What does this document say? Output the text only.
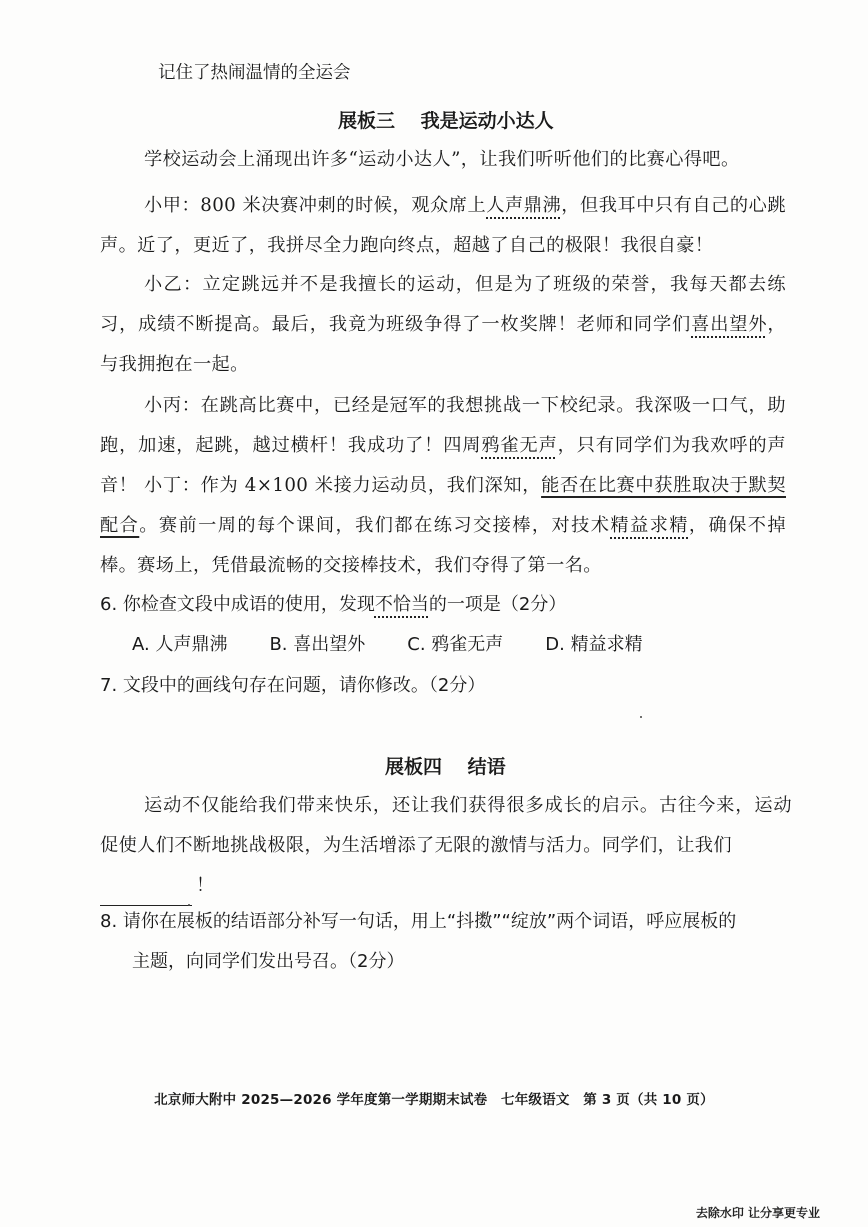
记住了热闹温情的全运会
展板三　 我是运动小达人
学校运动会上涌现出许多“运动小达人”，让我们听听他们的比赛心得吧。
小甲：800 米决赛冲刺的时候，观众席上人声鼎沸，但我耳中只有自己的心跳声。近了，更近了，我拼尽全力跑向终点，超越了自己的极限！我很自豪！
小乙：立定跳远并不是我擅长的运动，但是为了班级的荣誉，我每天都去练习，成绩不断提高。最后，我竟为班级争得了一枚奖牌！老师和同学们喜出望外，与我拥抱在一起。
小丙：在跳高比赛中，已经是冠军的我想挑战一下校纪录。我深吸一口气，助跑，加速，起跳，越过横杆！我成功了！四周鸦雀无声，只有同学们为我欢呼的声音！ 小丁：作为 4×100 米接力运动员，我们深知，能否在比赛中获胜取决于默契配合。赛前一周的每个课间，我们都在练习交接棒，对技术精益求精，确保不掉棒。赛场上，凭借最流畅的交接棒技术，我们夺得了第一名。
6. 你检查文段中成语的使用，发现不恰当的一项是（2分）
A. 人声鼎沸 B. 喜出望外 C. 鸦雀无声 D. 精益求精
7. 文段中的画线句存在问题，请你修改。（2分）
展板四　 结语
运动不仅能给我们带来快乐，还让我们获得很多成长的启示。古往今来，运动促使人们不断地挑战极限，为生活增添了无限的激情与活力。同学们，让我们
！
8. 请你在展板的结语部分补写一句话，用上“抖擞”“绽放”两个词语，呼应展板的
主题，向同学们发出号召。（2分）
北京师大附中 2025—2026 学年度第一学期期末试卷　七年级语文　第 3 页（共 10 页）
去除水印 让分享更专业
